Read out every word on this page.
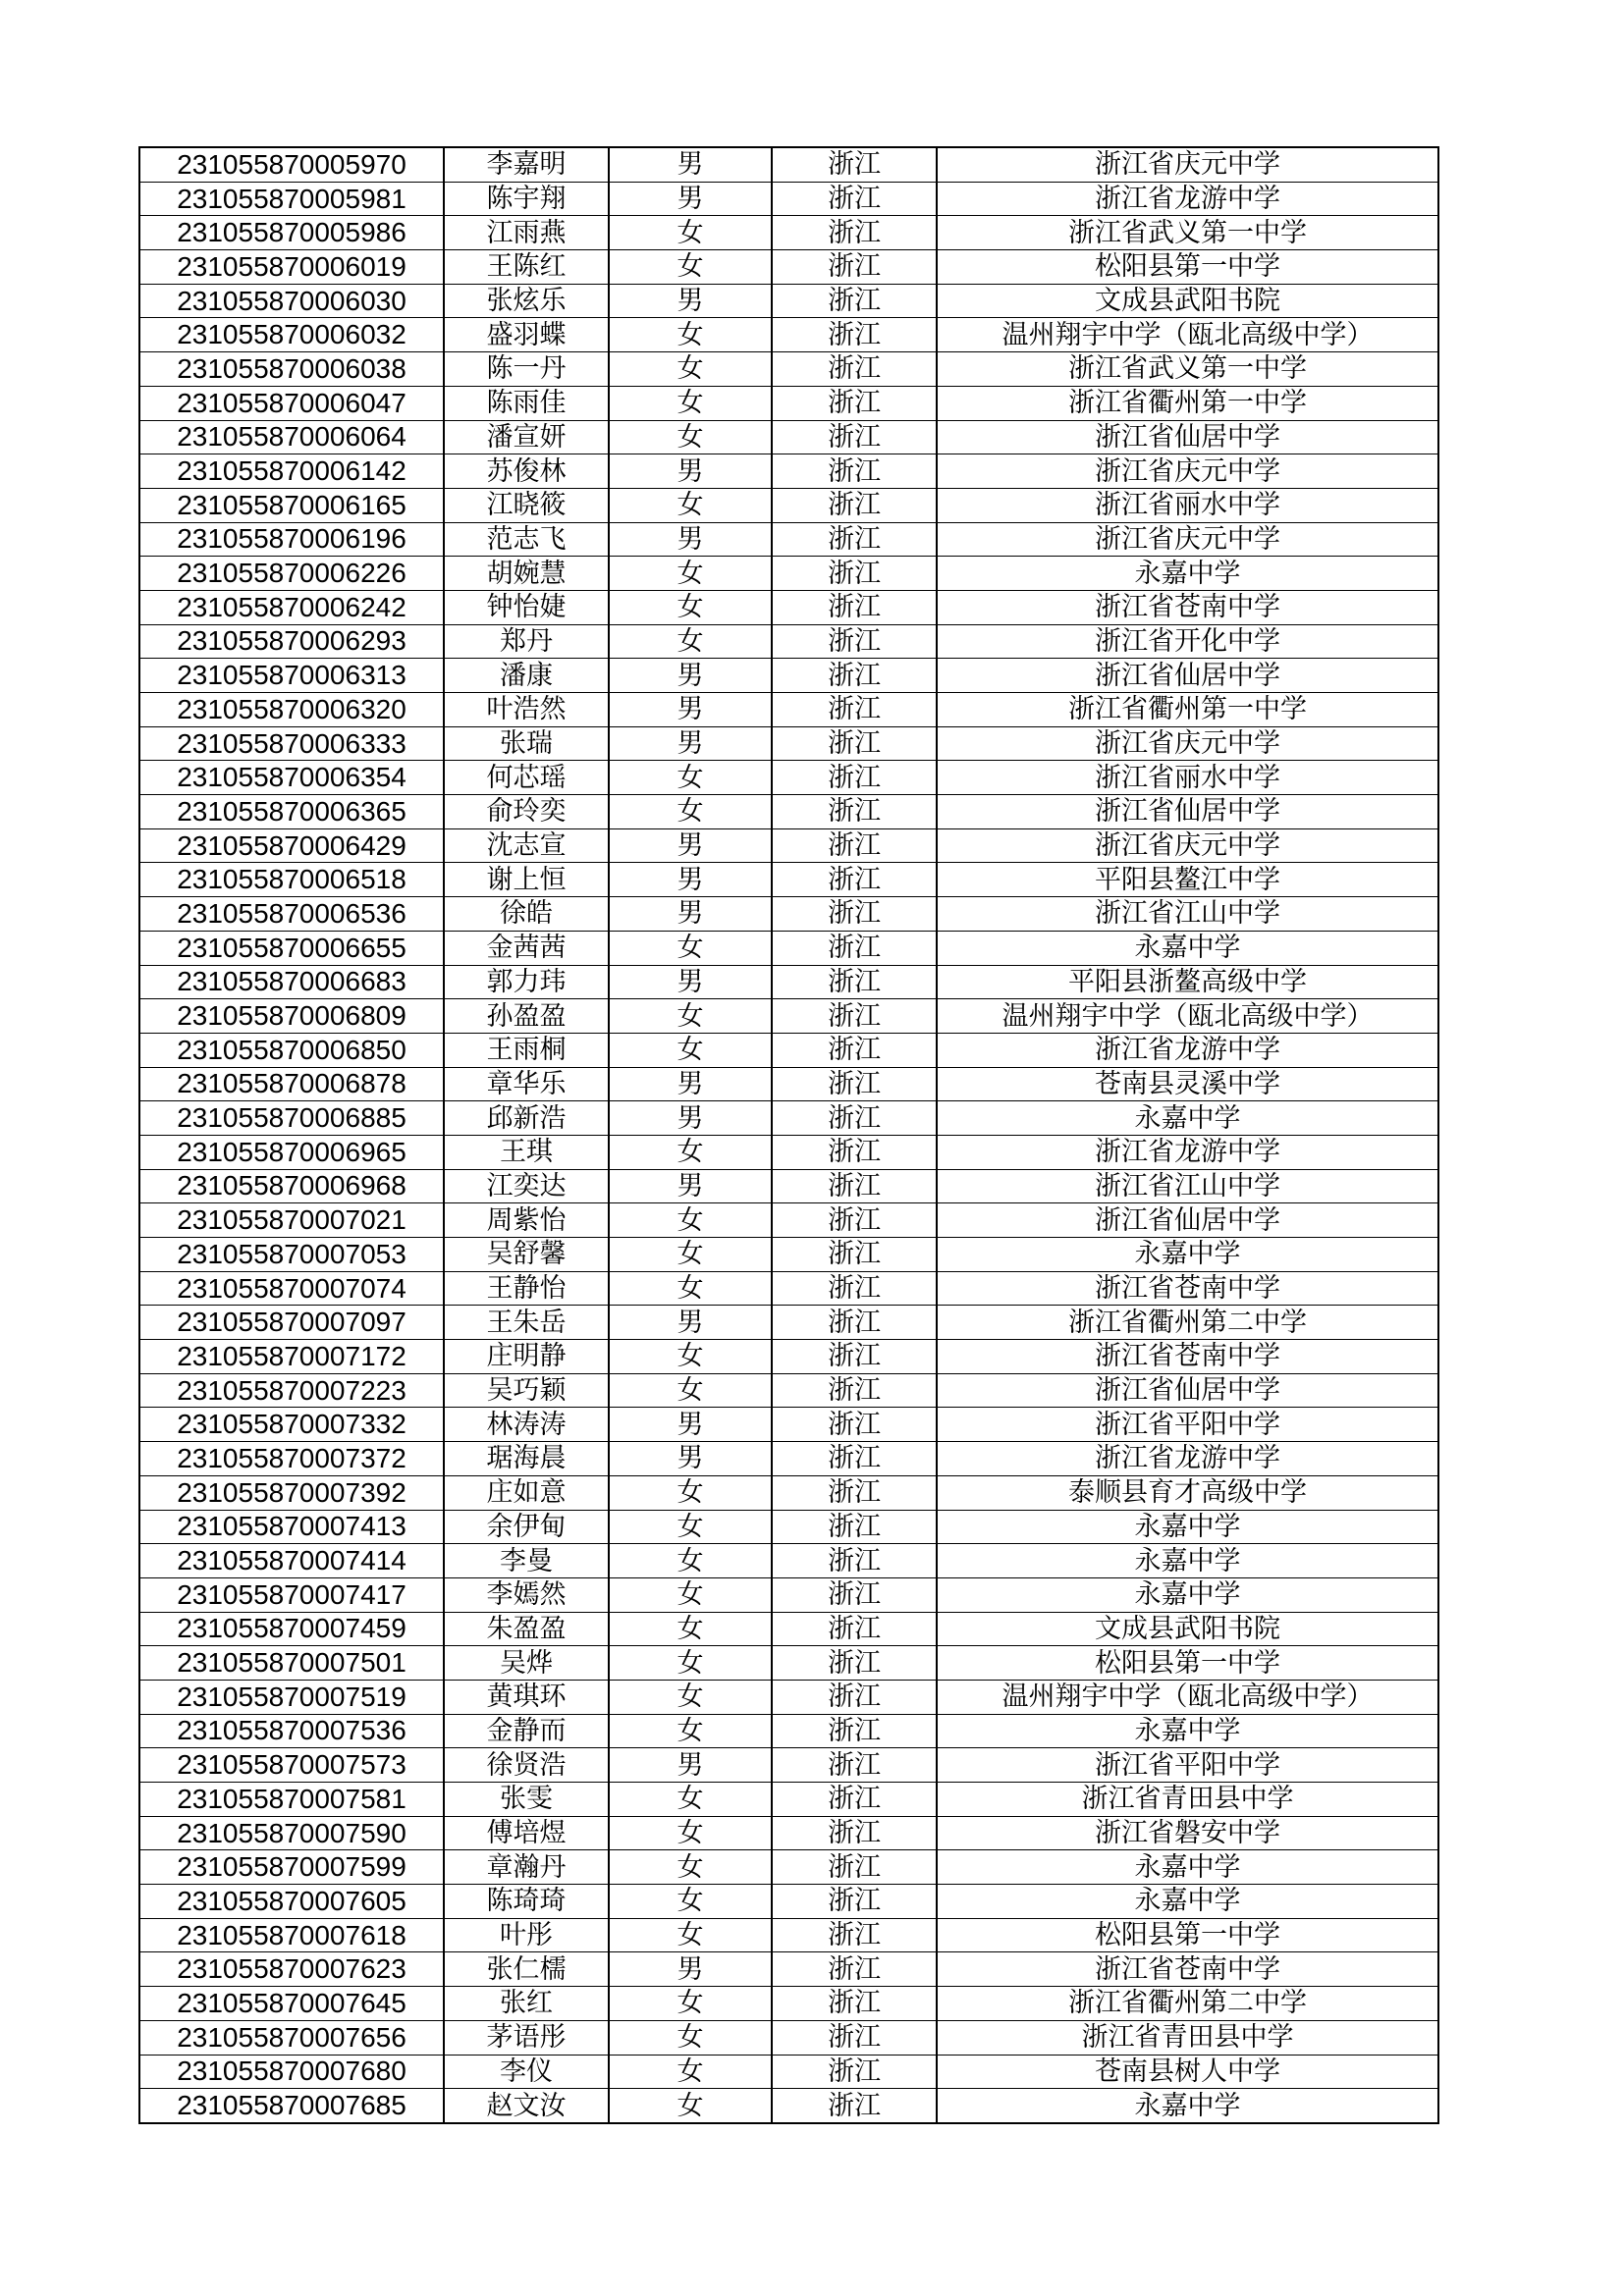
231055870005970	李嘉明	男	浙江	浙江省庆元中学
231055870005981	陈宇翔	男	浙江	浙江省龙游中学
231055870005986	江雨燕	女	浙江	浙江省武义第一中学
231055870006019	王陈红	女	浙江	松阳县第一中学
231055870006030	张炫乐	男	浙江	文成县武阳书院
231055870006032	盛羽蝶	女	浙江	温州翔宇中学（瓯北高级中学）
231055870006038	陈一丹	女	浙江	浙江省武义第一中学
231055870006047	陈雨佳	女	浙江	浙江省衢州第一中学
231055870006064	潘宣妍	女	浙江	浙江省仙居中学
231055870006142	苏俊林	男	浙江	浙江省庆元中学
231055870006165	江晓筱	女	浙江	浙江省丽水中学
231055870006196	范志飞	男	浙江	浙江省庆元中学
231055870006226	胡婉慧	女	浙江	永嘉中学
231055870006242	钟怡婕	女	浙江	浙江省苍南中学
231055870006293	郑丹	女	浙江	浙江省开化中学
231055870006313	潘康	男	浙江	浙江省仙居中学
231055870006320	叶浩然	男	浙江	浙江省衢州第一中学
231055870006333	张瑞	男	浙江	浙江省庆元中学
231055870006354	何芯瑶	女	浙江	浙江省丽水中学
231055870006365	俞玲奕	女	浙江	浙江省仙居中学
231055870006429	沈志宣	男	浙江	浙江省庆元中学
231055870006518	谢上恒	男	浙江	平阳县鳌江中学
231055870006536	徐皓	男	浙江	浙江省江山中学
231055870006655	金茜茜	女	浙江	永嘉中学
231055870006683	郭力玮	男	浙江	平阳县浙鳌高级中学
231055870006809	孙盈盈	女	浙江	温州翔宇中学（瓯北高级中学）
231055870006850	王雨桐	女	浙江	浙江省龙游中学
231055870006878	章华乐	男	浙江	苍南县灵溪中学
231055870006885	邱新浩	男	浙江	永嘉中学
231055870006965	王琪	女	浙江	浙江省龙游中学
231055870006968	江奕达	男	浙江	浙江省江山中学
231055870007021	周紫怡	女	浙江	浙江省仙居中学
231055870007053	吴舒馨	女	浙江	永嘉中学
231055870007074	王静怡	女	浙江	浙江省苍南中学
231055870007097	王朱岳	男	浙江	浙江省衢州第二中学
231055870007172	庄明静	女	浙江	浙江省苍南中学
231055870007223	吴巧颖	女	浙江	浙江省仙居中学
231055870007332	林涛涛	男	浙江	浙江省平阳中学
231055870007372	琚海晨	男	浙江	浙江省龙游中学
231055870007392	庄如意	女	浙江	泰顺县育才高级中学
231055870007413	余伊甸	女	浙江	永嘉中学
231055870007414	李曼	女	浙江	永嘉中学
231055870007417	李嫣然	女	浙江	永嘉中学
231055870007459	朱盈盈	女	浙江	文成县武阳书院
231055870007501	吴烨	女	浙江	松阳县第一中学
231055870007519	黄琪环	女	浙江	温州翔宇中学（瓯北高级中学）
231055870007536	金静而	女	浙江	永嘉中学
231055870007573	徐贤浩	男	浙江	浙江省平阳中学
231055870007581	张雯	女	浙江	浙江省青田县中学
231055870007590	傅培煜	女	浙江	浙江省磐安中学
231055870007599	章瀚丹	女	浙江	永嘉中学
231055870007605	陈琦琦	女	浙江	永嘉中学
231055870007618	叶彤	女	浙江	松阳县第一中学
231055870007623	张仁檽	男	浙江	浙江省苍南中学
231055870007645	张红	女	浙江	浙江省衢州第二中学
231055870007656	茅语彤	女	浙江	浙江省青田县中学
231055870007680	李仪	女	浙江	苍南县树人中学
231055870007685	赵文汝	女	浙江	永嘉中学
